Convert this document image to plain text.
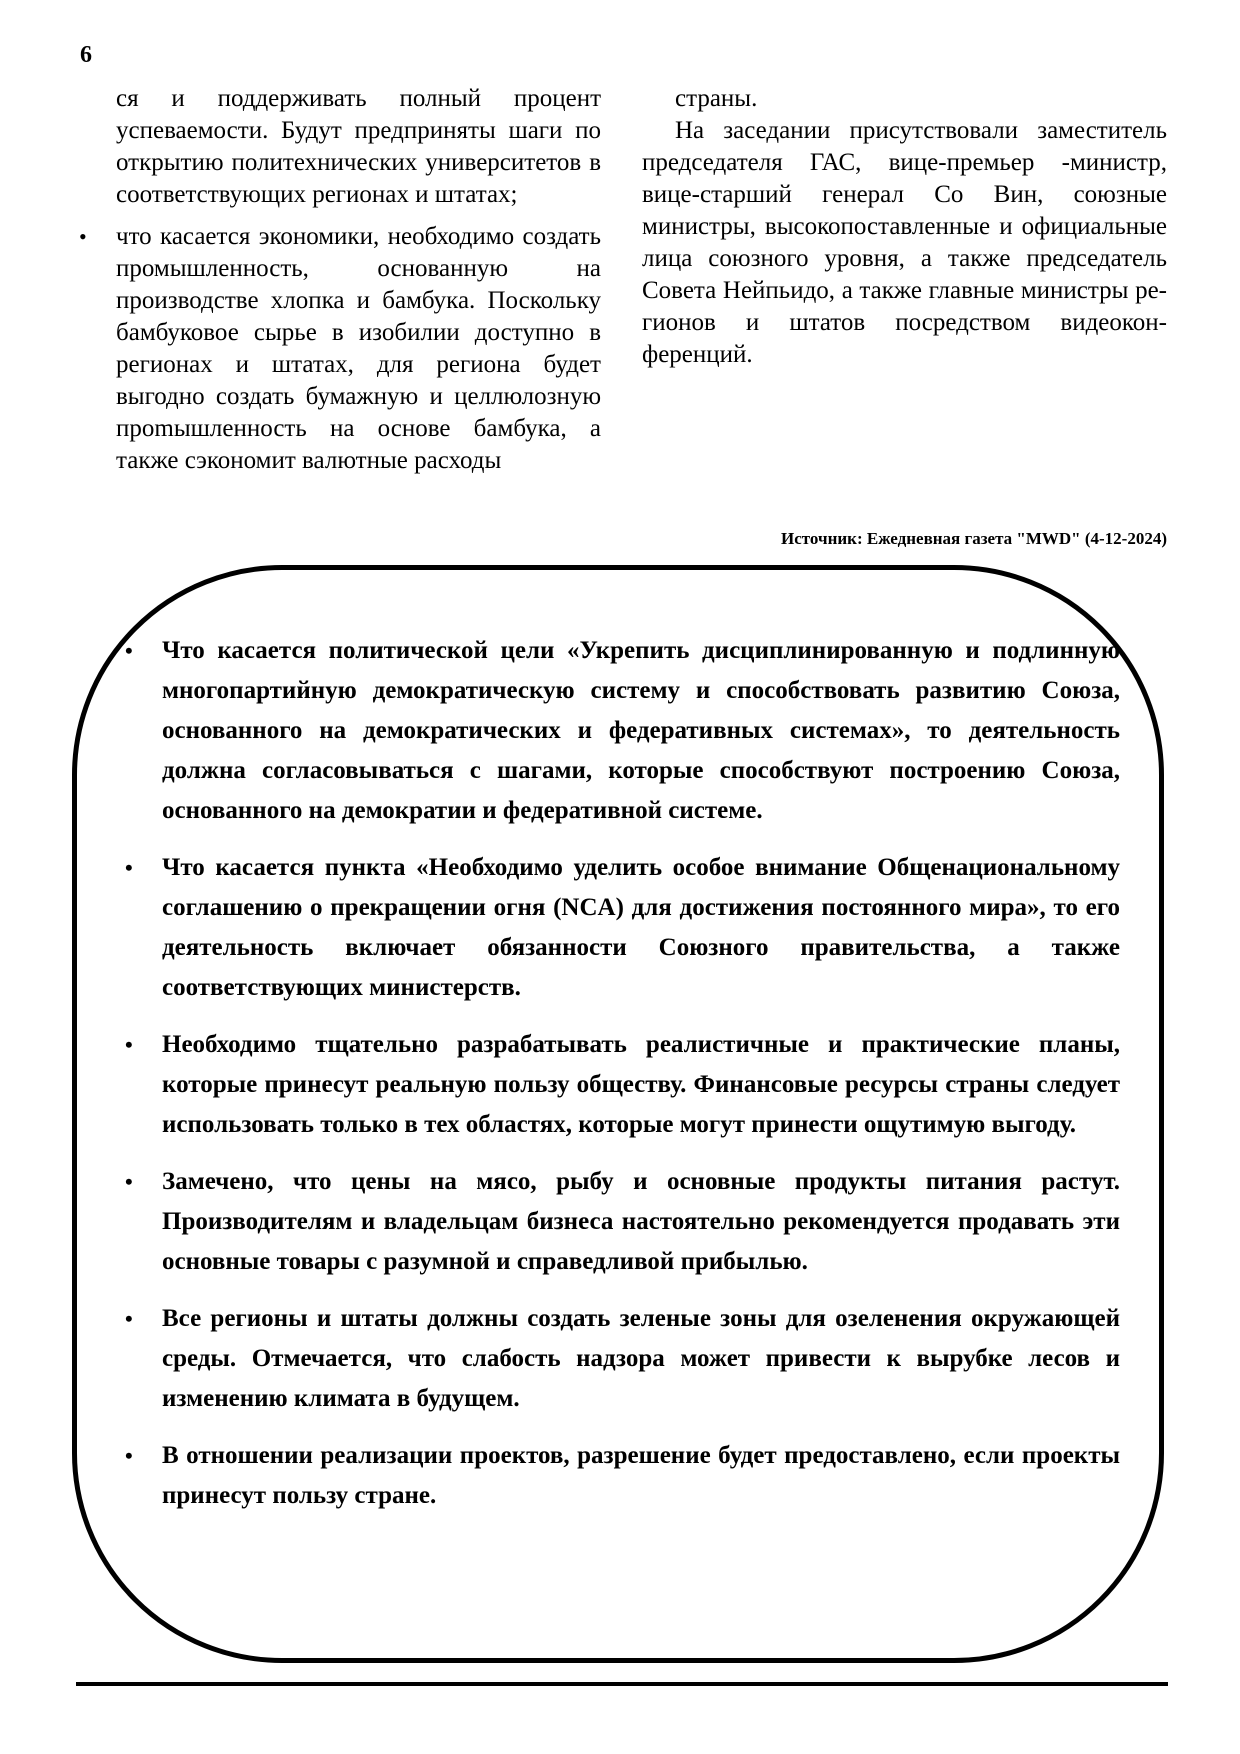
6

ся и поддерживать полный процент успеваемости. Будут предприняты шаги по открытию политехнических университетов в соответствующих регионах и штатах;

• что касается экономики, необходимо создать промышленность, основанную на производстве хлопка и бамбука. Поскольку бамбуковое сырье в изобилии доступно в регионах и штатах, для региона будет выгодно создать бумажную и целлюлозную проmышленность на основе бамбука, а также сэкономит валютные расходы

страны.

На заседании присутствовали заместитель председателя ГАС, вице-премьер -министр, вице-старший генерал Со Вин, союзные министры, высокопоставленные и официальные лица союзного уровня, а также председатель Совета Нейпьидо, а также главные министры регионов и штатов посредством видеоконференций.

Источник: Ежедневная газета "MWD" (4-12-2024)
• Что касается политической цели «Укрепить дисциплинированную и подлинную многопартийную демократическую систему и способствовать развитию Союза, основанного на демократических и федеративных системах», то деятельность должна согласовываться с шагами, которые способствуют построению Союза, основанного на демократии и федеративной системе.
• Что касается пункта «Необходимо уделить особое внимание Общенациональному соглашению о прекращении огня (NCA) для достижения постоянного мира», то его деятельность включает обязанности Союзного правительства, а также соответствующих министерств.
• Необходимо тщательно разрабатывать реалистичные и практические планы, которые принесут реальную пользу обществу. Финансовые ресурсы страны следует использовать только в тех областях, которые могут принести ощутимую выгоду.
• Замечено, что цены на мясо, рыбу и основные продукты питания растут. Производителям и владельцам бизнеса настоятельно рекомендуется продавать эти основные товары с разумной и справедливой прибылью.
• Все регионы и штаты должны создать зеленые зоны для озеленения окружающей среды. Отмечается, что слабость надзора может привести к вырубке лесов и изменению климата в будущем.
• В отношении реализации проектов, разрешение будет предоставлено, если проекты принесут пользу стране.
